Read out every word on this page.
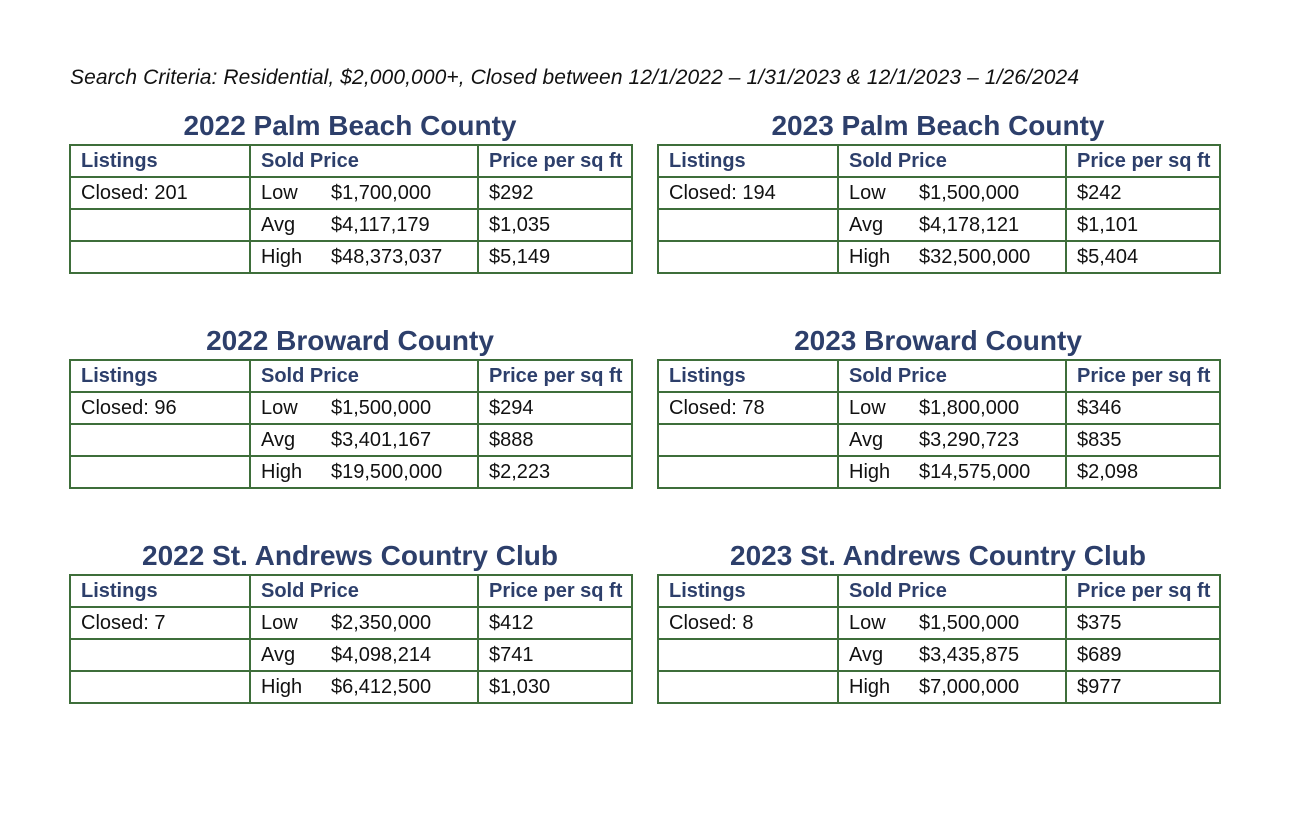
Search Criteria: Residential, $2,000,000+, Closed between 12/1/2022 – 1/31/2023 & 12/1/2023 – 1/26/2024
2022 Palm Beach County
Listings	Sold Price	Price per sq ft
Closed: 201	Low $1,700,000	$292
	Avg $4,117,179	$1,035
	High $48,373,037	$5,149
2023 Palm Beach County
Listings	Sold Price	Price per sq ft
Closed: 194	Low $1,500,000	$242
	Avg $4,178,121	$1,101
	High $32,500,000	$5,404
2022 Broward County
Listings	Sold Price	Price per sq ft
Closed: 96	Low $1,500,000	$294
	Avg $3,401,167	$888
	High $19,500,000	$2,223
2023 Broward County
Listings	Sold Price	Price per sq ft
Closed: 78	Low $1,800,000	$346
	Avg $3,290,723	$835
	High $14,575,000	$2,098
2022 St. Andrews Country Club
Listings	Sold Price	Price per sq ft
Closed: 7	Low $2,350,000	$412
	Avg $4,098,214	$741
	High $6,412,500	$1,030
2023 St. Andrews Country Club
Listings	Sold Price	Price per sq ft
Closed: 8	Low $1,500,000	$375
	Avg $3,435,875	$689
	High $7,000,000	$977
